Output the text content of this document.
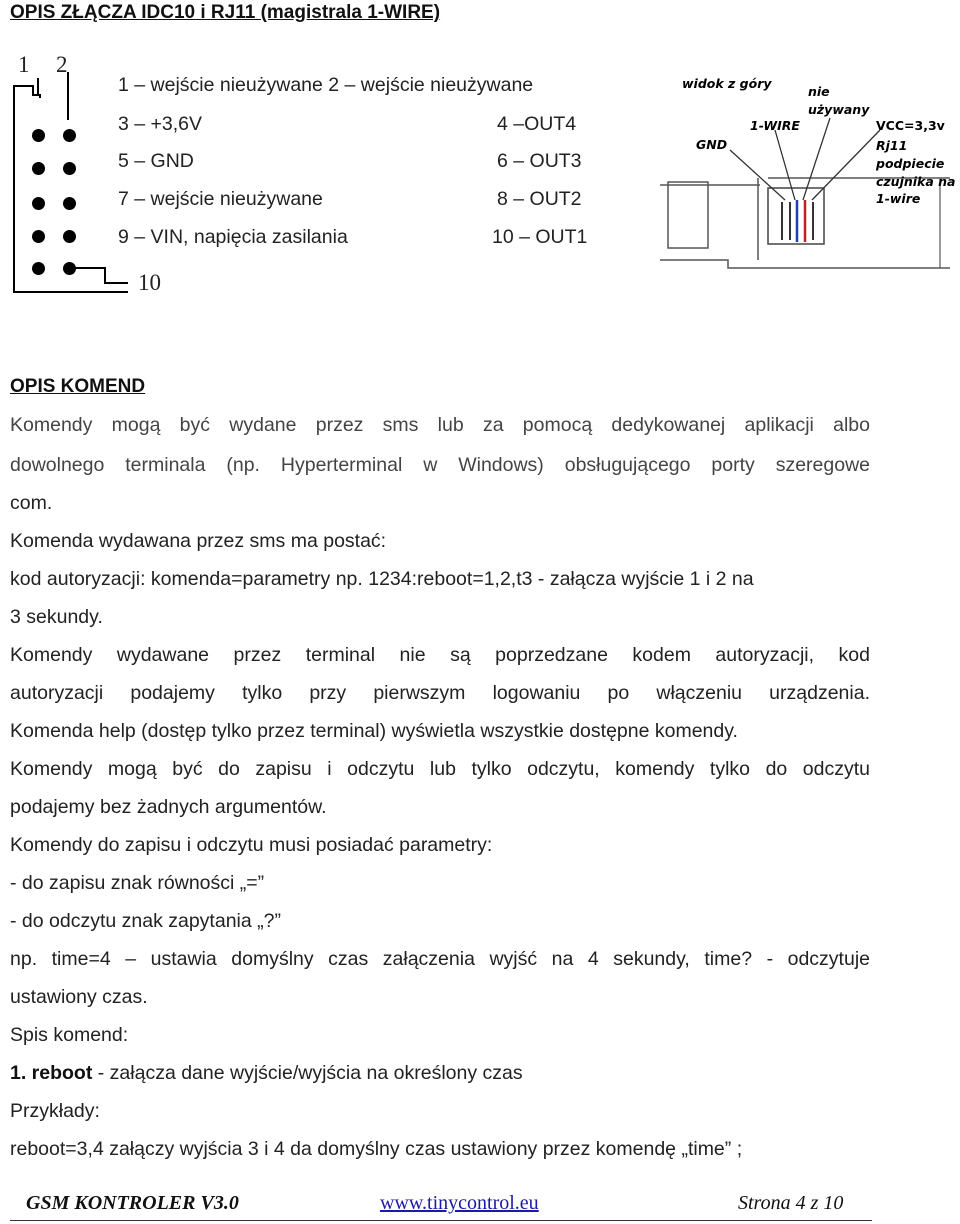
OPIS ZŁĄCZA IDC10 i RJ11 (magistrala 1-WIRE)
1 2
10
1 – wejście nieużywane 2 – wejście nieużywane
3 – +3,6V
5 – GND
7 – wejście nieużywane
9 – VIN, napięcia zasilania
4 –OUT4
6 – OUT3
8 – OUT2
10 – OUT1
widok z góry
nie
używany
1-WIRE
GND
VCC=3,3v
Rj11
podpiecie
czujnika na
1-wire
OPIS KOMEND
Komendy mogą być wydane przez sms lub za pomocą dedykowanej aplikacji albo
dowolnego terminala (np. Hyperterminal w Windows) obsługującego porty szeregowe
com.
Komenda wydawana przez sms ma postać:
kod autoryzacji: komenda=parametry np. 1234:reboot=1,2,t3 - załącza wyjście 1 i 2 na
3 sekundy.
Komendy wydawane przez terminal nie są poprzedzane kodem autoryzacji, kod
autoryzacji podajemy tylko przy pierwszym logowaniu po włączeniu urządzenia.
Komenda help (dostęp tylko przez terminal) wyświetla wszystkie dostępne komendy.
Komendy mogą być do zapisu i odczytu lub tylko odczytu, komendy tylko do odczytu
podajemy bez żadnych argumentów.
Komendy do zapisu i odczytu musi posiadać parametry:
- do zapisu znak równości „=”
- do odczytu znak zapytania „?”
np. time=4 – ustawia domyślny czas załączenia wyjść na 4 sekundy, time? - odczytuje
ustawiony czas.
Spis komend:
1. reboot - załącza dane wyjście/wyjścia na określony czas
Przykłady:
reboot=3,4 załączy wyjścia 3 i 4 da domyślny czas ustawiony przez komendę „time” ;
GSM KONTROLER V3.0	www.tinycontrol.eu	Strona 4 z 10
